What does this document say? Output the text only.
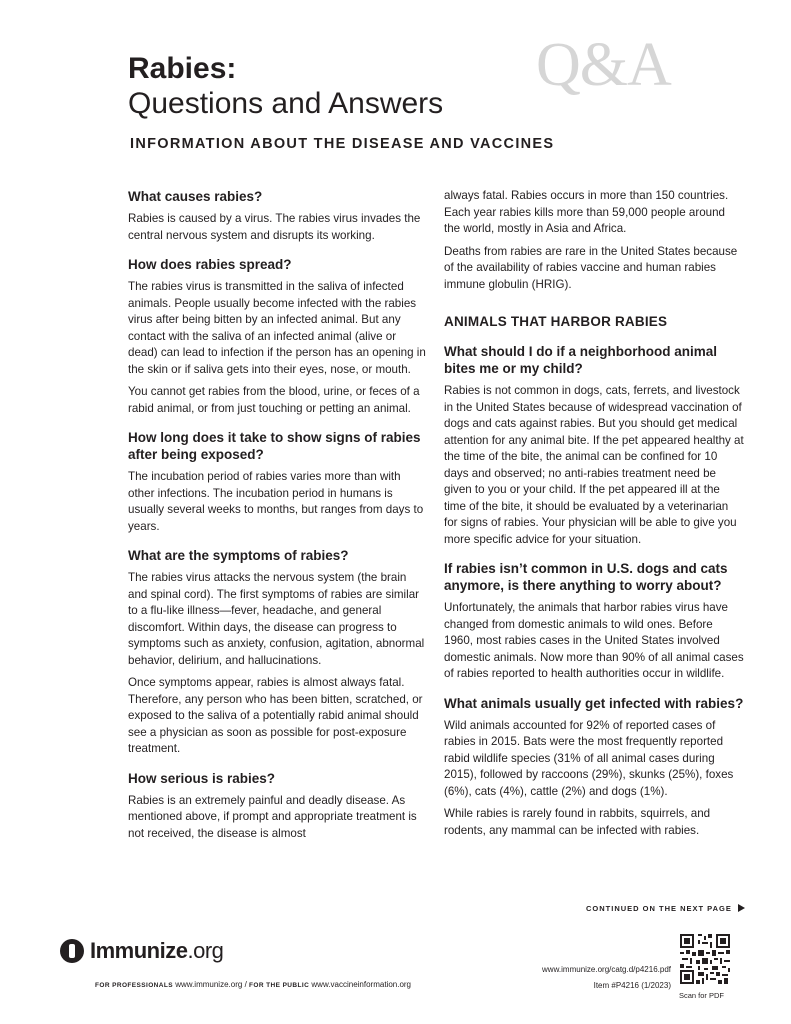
Q&A
Rabies:
Questions and Answers
INFORMATION ABOUT THE DISEASE AND VACCINES
What causes rabies?

Rabies is caused by a virus. The rabies virus invades the central nervous system and disrupts its working.

How does rabies spread?

The rabies virus is transmitted in the saliva of infected animals. People usually become infected with the rabies virus after being bitten by an infected animal. But any contact with the saliva of an infected animal (alive or dead) can lead to infection if the person has an opening in the skin or if saliva gets into their eyes, nose, or mouth.

You cannot get rabies from the blood, urine, or feces of a rabid animal, or from just touching or petting an animal.

How long does it take to show signs of rabies after being exposed?

The incubation period of rabies varies more than with other infections. The incubation period in humans is usually several weeks to months, but ranges from days to years.

What are the symptoms of rabies?

The rabies virus attacks the nervous system (the brain and spinal cord). The first symptoms of rabies are similar to a flu-like illness—fever, headache, and general discomfort. Within days, the disease can progress to symptoms such as anxiety, confusion, agitation, abnormal behavior, delirium, and hallucinations.

Once symptoms appear, rabies is almost always fatal. Therefore, any person who has been bitten, scratched, or exposed to the saliva of a potentially rabid animal should see a physician as soon as possible for post-exposure treatment.

How serious is rabies?

Rabies is an extremely painful and deadly disease. As mentioned above, if prompt and appropriate treatment is not received, the disease is almost

always fatal. Rabies occurs in more than 150 countries. Each year rabies kills more than 59,000 people around the world, mostly in Asia and Africa.

Deaths from rabies are rare in the United States because of the availability of rabies vaccine and human rabies immune globulin (HRIG).

ANIMALS THAT HARBOR RABIES
What should I do if a neighborhood animal bites me or my child?

Rabies is not common in dogs, cats, ferrets, and livestock in the United States because of widespread vaccination of dogs and cats against rabies. But you should get medical attention for any animal bite. If the pet appeared healthy at the time of the bite, the animal can be confined for 10 days and observed; no anti-rabies treatment need be given to you or your child. If the pet appeared ill at the time of the bite, it should be evaluated by a veterinarian for signs of rabies. Your physician will be able to give you more specific advice for your situation.

If rabies isn’t common in U.S. dogs and cats anymore, is there anything to worry about?

Unfortunately, the animals that harbor rabies virus have changed from domestic animals to wild ones. Before 1960, most rabies cases in the United States involved domestic animals. Now more than 90% of all animal cases of rabies reported to health authorities occur in wildlife.

What animals usually get infected with rabies?

Wild animals accounted for 92% of reported cases of rabies in 2015. Bats were the most frequently reported rabid wildlife species (31% of all animal cases during 2015), followed by raccoons (29%), skunks (25%), foxes (6%), cats (4%), cattle (2%) and dogs (1%).

While rabies is rarely found in rabbits, squirrels, and rodents, any mammal can be infected with rabies.

CONTINUED ON THE NEXT PAGE
Immunize.org
FOR PROFESSIONALS www.immunize.org / FOR THE PUBLIC www.vaccineinformation.org
www.immunize.org/catg.d/p4216.pdf
Item #P4216 (1/2023)
Scan for PDF
